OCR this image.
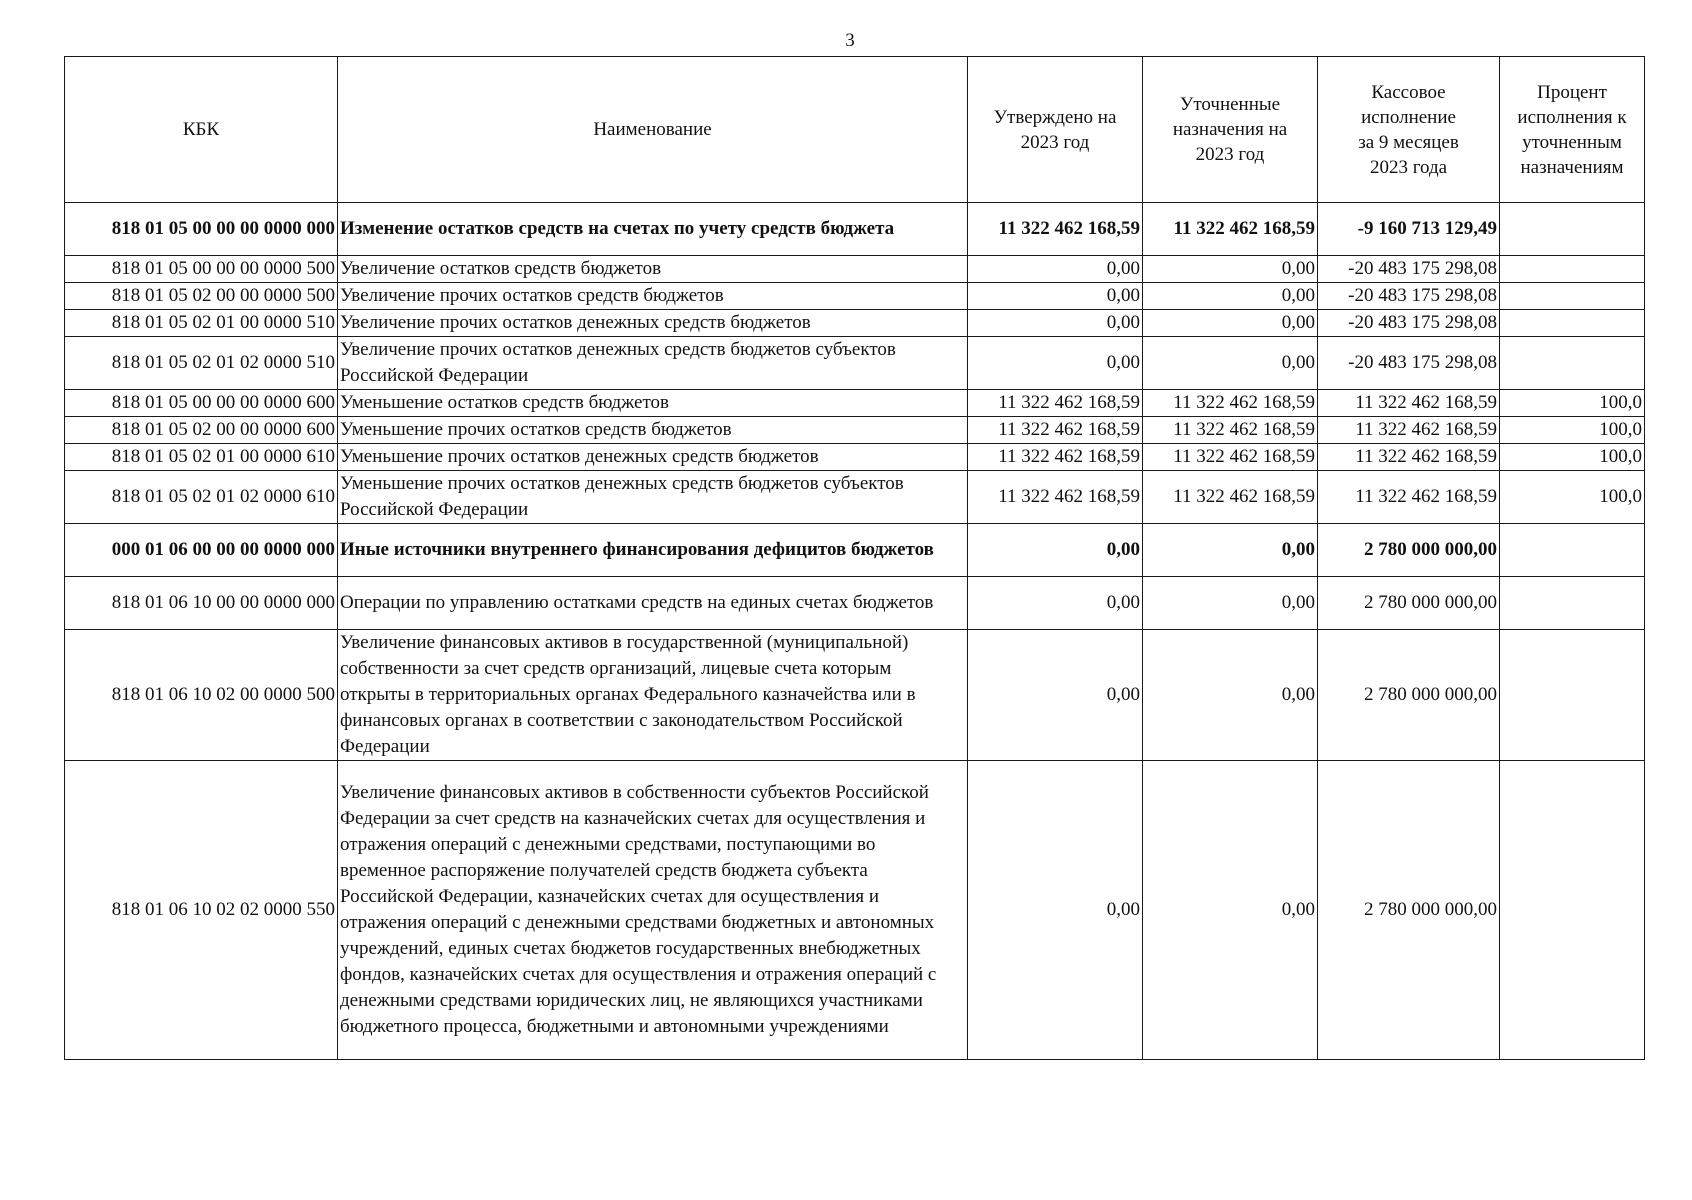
3
КБК	Наименование	Утверждено на 2023 год	Уточненные назначения на 2023 год	Кассовое исполнение за 9 месяцев 2023 года	Процент исполнения к уточненным назначениям
818 01 05 00 00 00 0000 000	Изменение остатков средств на счетах по учету средств бюджета	11 322 462 168,59	11 322 462 168,59	-9 160 713 129,49	
818 01 05 00 00 00 0000 500	Увеличение остатков средств бюджетов	0,00	0,00	-20 483 175 298,08	
818 01 05 02 00 00 0000 500	Увеличение прочих остатков средств бюджетов	0,00	0,00	-20 483 175 298,08	
818 01 05 02 01 00 0000 510	Увеличение прочих остатков денежных средств бюджетов	0,00	0,00	-20 483 175 298,08	
818 01 05 02 01 02 0000 510	Увеличение прочих остатков денежных средств бюджетов субъектов Российской Федерации	0,00	0,00	-20 483 175 298,08	
818 01 05 00 00 00 0000 600	Уменьшение остатков средств бюджетов	11 322 462 168,59	11 322 462 168,59	11 322 462 168,59	100,0
818 01 05 02 00 00 0000 600	Уменьшение прочих остатков средств бюджетов	11 322 462 168,59	11 322 462 168,59	11 322 462 168,59	100,0
818 01 05 02 01 00 0000 610	Уменьшение прочих остатков денежных средств бюджетов	11 322 462 168,59	11 322 462 168,59	11 322 462 168,59	100,0
818 01 05 02 01 02 0000 610	Уменьшение прочих остатков денежных средств бюджетов субъектов Российской Федерации	11 322 462 168,59	11 322 462 168,59	11 322 462 168,59	100,0
000 01 06 00 00 00 0000 000	Иные источники внутреннего финансирования дефицитов бюджетов	0,00	0,00	2 780 000 000,00	
818 01 06 10 00 00 0000 000	Операции по управлению остатками средств на единых счетах бюджетов	0,00	0,00	2 780 000 000,00	
818 01 06 10 02 00 0000 500	Увеличение финансовых активов в государственной (муниципальной) собственности за счет средств организаций, лицевые счета которым открыты в территориальных органах Федерального казначейства или в финансовых органах в соответствии с законодательством Российской Федерации	0,00	0,00	2 780 000 000,00	
818 01 06 10 02 02 0000 550	Увеличение финансовых активов в собственности субъектов Российской Федерации за счет средств на казначейских счетах для осуществления и отражения операций с денежными средствами, поступающими во временное распоряжение получателей средств бюджета субъекта Российской Федерации, казначейских счетах для осуществления и отражения операций с денежными средствами бюджетных и автономных учреждений, единых счетах бюджетов государственных внебюджетных фондов, казначейских счетах для осуществления и отражения операций с денежными средствами юридических лиц, не являющихся участниками бюджетного процесса, бюджетными и автономными учреждениями	0,00	0,00	2 780 000 000,00	
